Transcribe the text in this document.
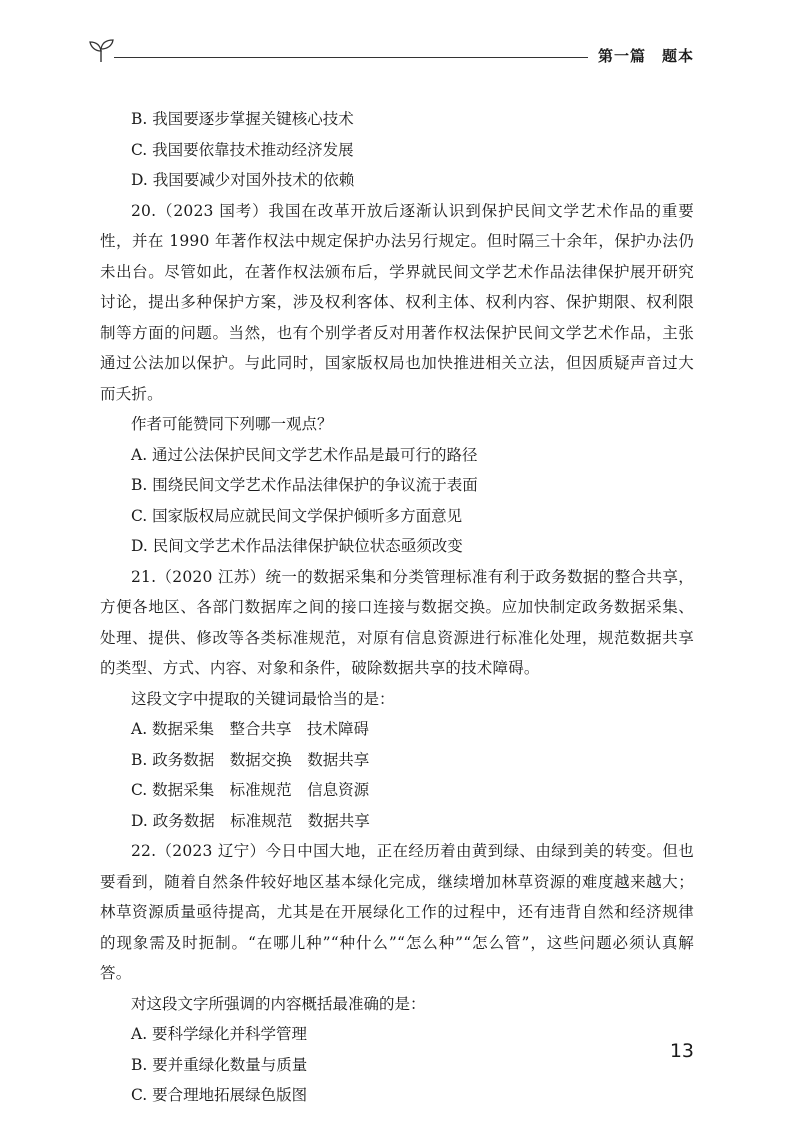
第一篇　题本

B. 我国要逐步掌握关键核心技术

C. 我国要依靠技术推动经济发展

D. 我国要减少对国外技术的依赖

20.（2023 国考）我国在改革开放后逐渐认识到保护民间文学艺术作品的重要性，并在 1990 年著作权法中规定保护办法另行规定。但时隔三十余年，保护办法仍未出台。尽管如此，在著作权法颁布后，学界就民间文学艺术作品法律保护展开研究讨论，提出多种保护方案，涉及权利客体、权利主体、权利内容、保护期限、权利限制等方面的问题。当然，也有个别学者反对用著作权法保护民间文学艺术作品，主张通过公法加以保护。与此同时，国家版权局也加快推进相关立法，但因质疑声音过大而夭折。

作者可能赞同下列哪一观点？

A. 通过公法保护民间文学艺术作品是最可行的路径

B. 围绕民间文学艺术作品法律保护的争议流于表面

C. 国家版权局应就民间文学保护倾听多方面意见

D. 民间文学艺术作品法律保护缺位状态亟须改变

21.（2020 江苏）统一的数据采集和分类管理标准有利于政务数据的整合共享，方便各地区、各部门数据库之间的接口连接与数据交换。应加快制定政务数据采集、处理、提供、修改等各类标准规范，对原有信息资源进行标准化处理，规范数据共享的类型、方式、内容、对象和条件，破除数据共享的技术障碍。

这段文字中提取的关键词最恰当的是：

A. 数据采集　整合共享　技术障碍

B. 政务数据　数据交换　数据共享

C. 数据采集　标准规范　信息资源

D. 政务数据　标准规范　数据共享

22.（2023 辽宁）今日中国大地，正在经历着由黄到绿、由绿到美的转变。但也要看到，随着自然条件较好地区基本绿化完成，继续增加林草资源的难度越来越大；林草资源质量亟待提高，尤其是在开展绿化工作的过程中，还有违背自然和经济规律的现象需及时扼制。“在哪儿种”“种什么”“怎么种”“怎么管”，这些问题必须认真解答。

对这段文字所强调的内容概括最准确的是：

A. 要科学绿化并科学管理

B. 要并重绿化数量与质量

C. 要合理地拓展绿色版图

13
